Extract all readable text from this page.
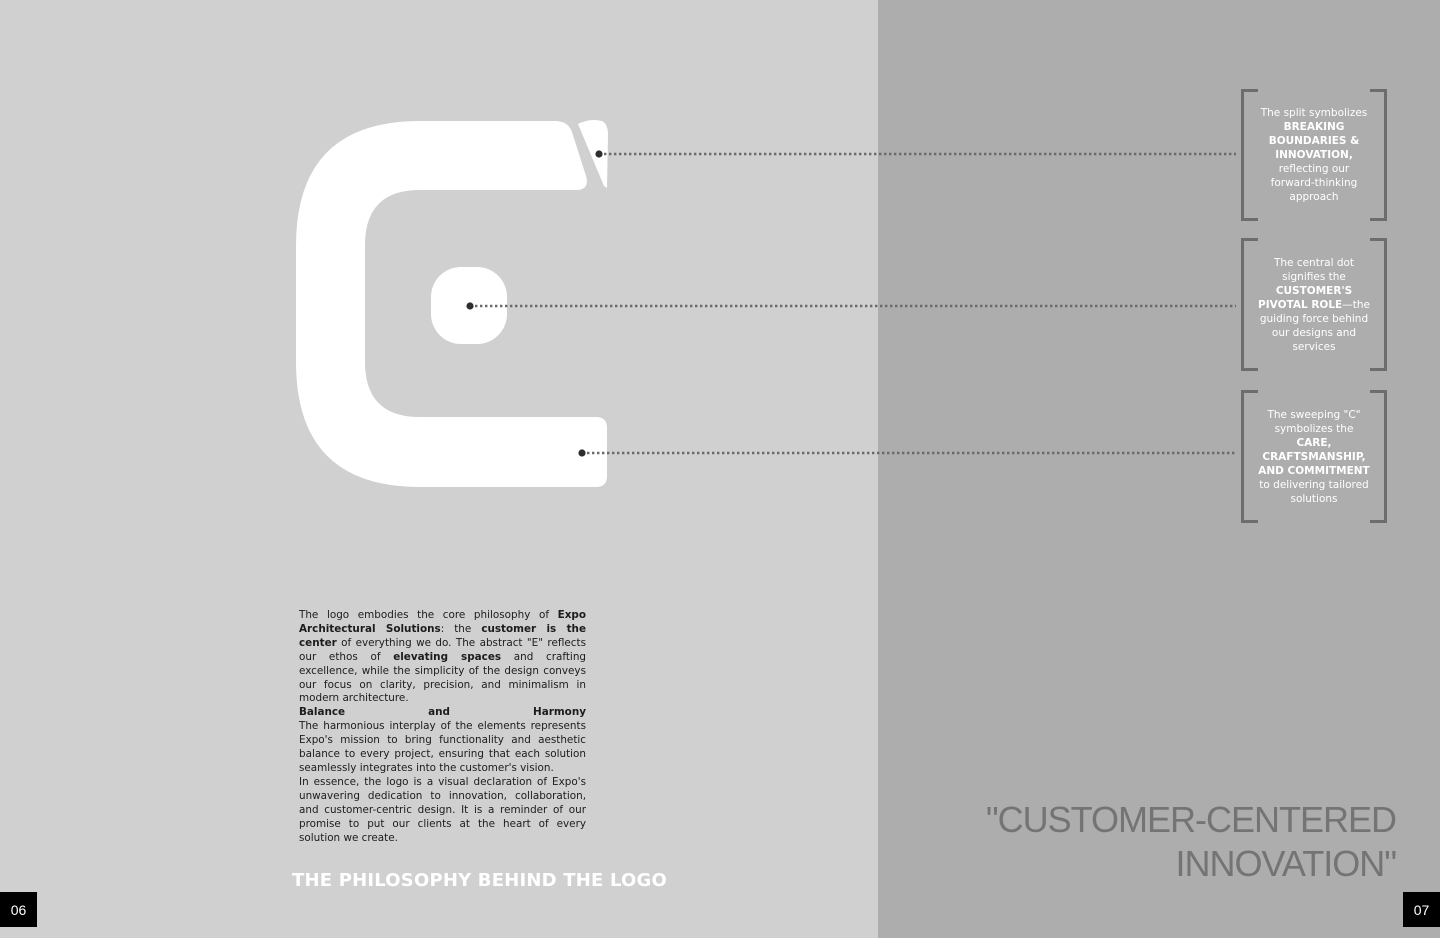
The split symbolizes BREAKING BOUNDARIES & INNOVATION, reflecting our forward-thinking approach
The central dot signifies the CUSTOMER'S PIVOTAL ROLE—the guiding force behind our designs and services
The sweeping "C" symbolizes the CARE, CRAFTSMANSHIP, AND COMMITMENT to delivering tailored solutions

The logo embodies the core philosophy of Expo Architectural Solutions: the customer is the center of everything we do. The abstract "E" reflects our ethos of elevating spaces and crafting excellence, while the simplicity of the design conveys our focus on clarity, precision, and minimalism in modern architecture.

Balance and Harmony

The harmonious interplay of the elements represents Expo's mission to bring functionality and aesthetic balance to every project, ensuring that each solution seamlessly integrates into the customer's vision.

In essence, the logo is a visual declaration of Expo's unwavering dedication to innovation, collaboration, and customer-centric design. It is a reminder of our promise to put our clients at the heart of every solution we create.

THE PHILOSOPHY BEHIND THE LOGO
"CUSTOMER-CENTERED
INNOVATION"
06	07
